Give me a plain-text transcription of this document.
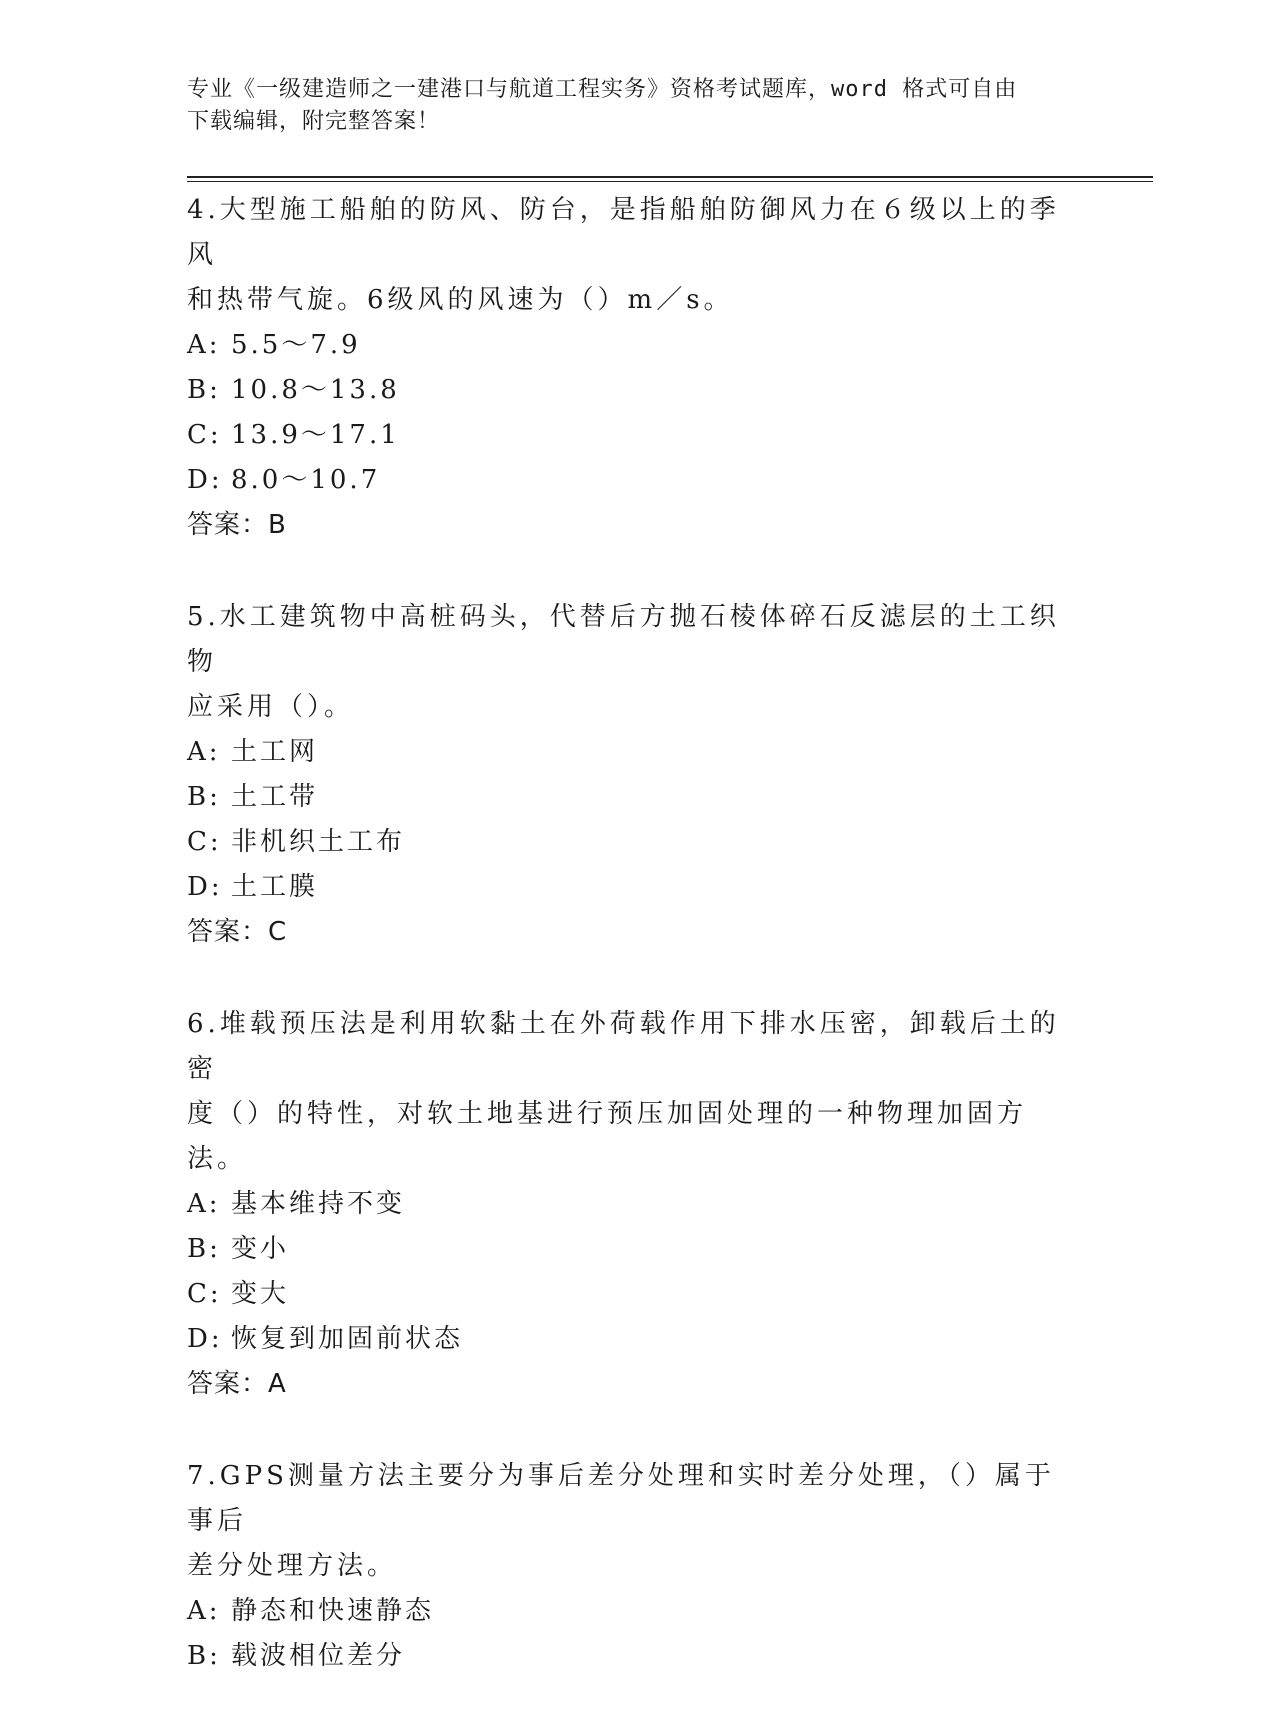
专业《一级建造师之一建港口与航道工程实务》资格考试题库，word 格式可自由
下载编辑，附完整答案！

4.大型施工船舶的防风、防台，是指船舶防御风力在６级以上的季风
和热带气旋。6级风的风速为（）m／s。

A: 5.5～7.9

B: 10.8～13.8

C: 13.9～17.1

D: 8.0～10.7

答案：B

5.水工建筑物中高桩码头，代替后方抛石棱体碎石反滤层的土工织物
应采用（）。

A: 土工网

B: 土工带

C: 非机织土工布

D: 土工膜

答案：C

6.堆载预压法是利用软黏土在外荷载作用下排水压密，卸载后土的密
度（）的特性，对软土地基进行预压加固处理的一种物理加固方法。

A: 基本维持不变

B: 变小

C: 变大

D: 恢复到加固前状态

答案：A

7.GPS测量方法主要分为事后差分处理和实时差分处理，（）属于事后
差分处理方法。

A: 静态和快速静态

B: 载波相位差分
